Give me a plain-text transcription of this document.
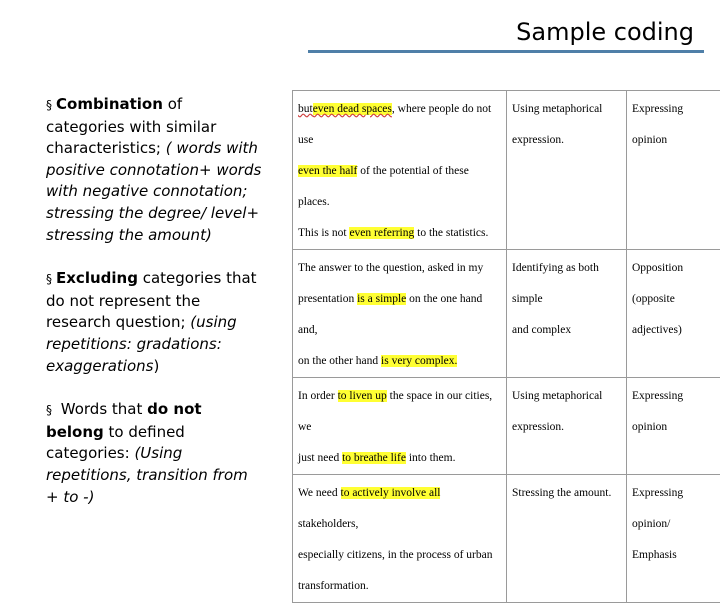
Sample coding

§ Combination of categories with similar characteristics; ( words with positive connotation+ words with negative connotation; stressing the degree/ level+ stressing the amount)

§ Excluding categories that do not represent the research question; (using repetitions: gradations: exaggerations)

§ Words that do not belong to defined categories: (Using repetitions, transition from + to -)

buteven dead spaces, where people do not use
even the half of the potential of these places.
This is not even referring to the statistics.	Using metaphorical
expression.	Expressing opinion
The answer to the question, asked in my
presentation is a simple on the one hand and,
on the other hand is very complex.	Identifying as both simple
and complex	Opposition
(opposite
adjectives)
In order to liven up the space in our cities, we
just need to breathe life into them.	Using metaphorical
expression.	Expressing opinion
We need to actively involve all stakeholders,
especially citizens, in the process of urban
transformation.	Stressing the amount.	Expressing opinion/
Emphasis
